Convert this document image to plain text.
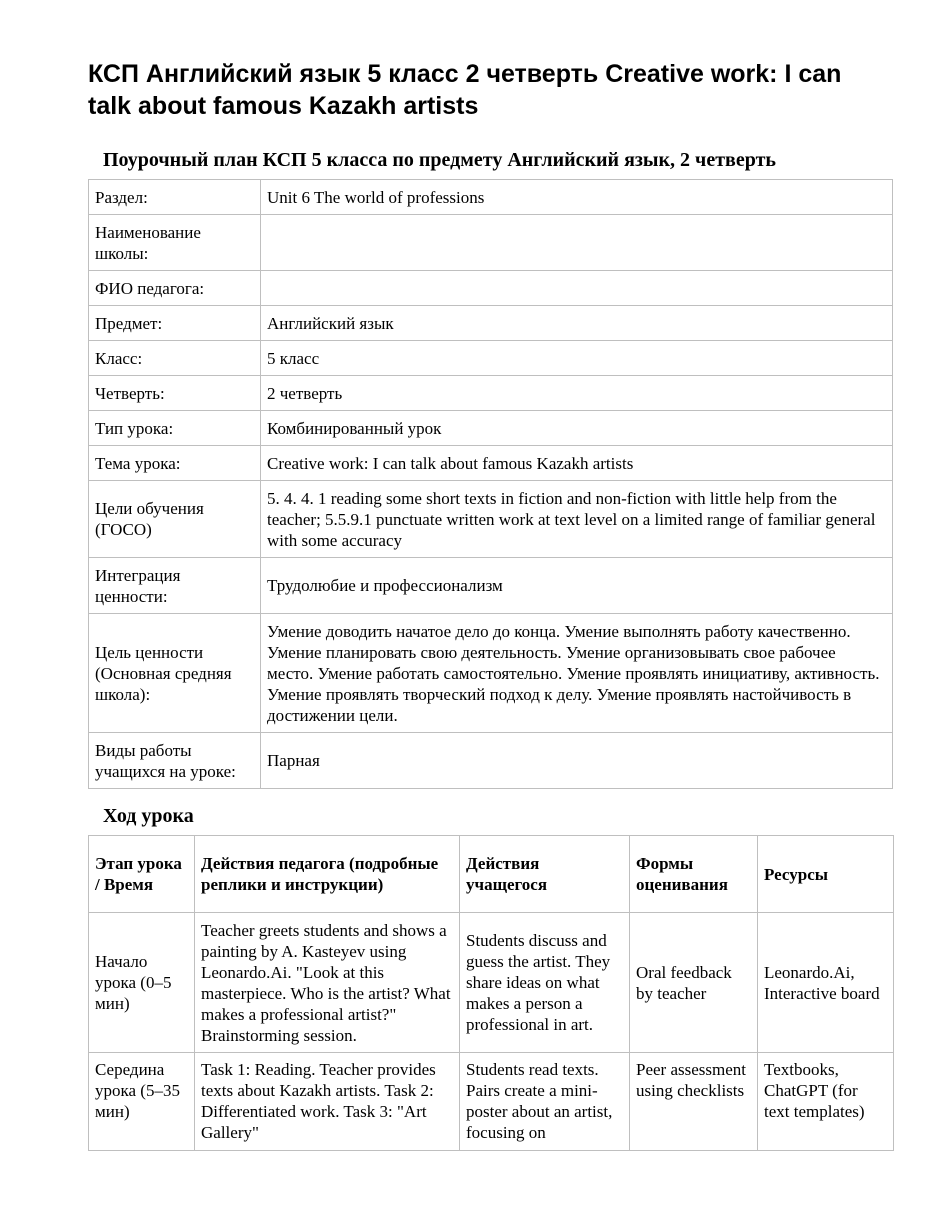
КСП Английский язык 5 класс 2 четверть Creative work: I can talk about famous Kazakh artists
Поурочный план КСП 5 класса по предмету Английский язык, 2 четверть
Раздел:	Unit 6 The world of professions
Наименование школы:	
ФИО педагога:	
Предмет:	Английский язык
Класс:	5 класс
Четверть:	2 четверть
Тип урока:	Комбинированный урок
Тема урока:	Creative work: I can talk about famous Kazakh artists
Цели обучения (ГОСО)	5. 4. 4. 1 reading some short texts in fiction and non-fiction with little help from the teacher; 5.5.9.1 punctuate written work at text level on a limited range of familiar general with some accuracy
Интеграция ценности:	Трудолюбие и профессионализм
Цель ценности (Основная средняя школа):	Умение доводить начатое дело до конца. Умение выполнять работу качественно. Умение планировать свою деятельность. Умение организовывать свое рабочее место. Умение работать самостоятельно. Умение проявлять инициативу, активность. Умение проявлять творческий подход к делу. Умение проявлять настойчивость в достижении цели.
Виды работы учащихся на уроке:	Парная
Ход урока
Этап урока / Время	Действия педагога (подробные реплики и инструкции)	Действия учащегося	Формы оценивания	Ресурсы
Начало урока (0–5 мин)	Teacher greets students and shows a painting by A. Kasteyev using Leonardo.Ai. "Look at this masterpiece. Who is the artist? What makes a professional artist?" Brainstorming session.	Students discuss and guess the artist. They share ideas on what makes a person a professional in art.	Oral feedback by teacher	Leonardo.Ai, Interactive board
Середина урока (5–35 мин)	Task 1: Reading. Teacher provides texts about Kazakh artists. Task 2: Differentiated work. Task 3: "Art Gallery"	Students read texts. Pairs create a mini-poster about an artist, focusing on	Peer assessment using checklists	Textbooks, ChatGPT (for text templates)
